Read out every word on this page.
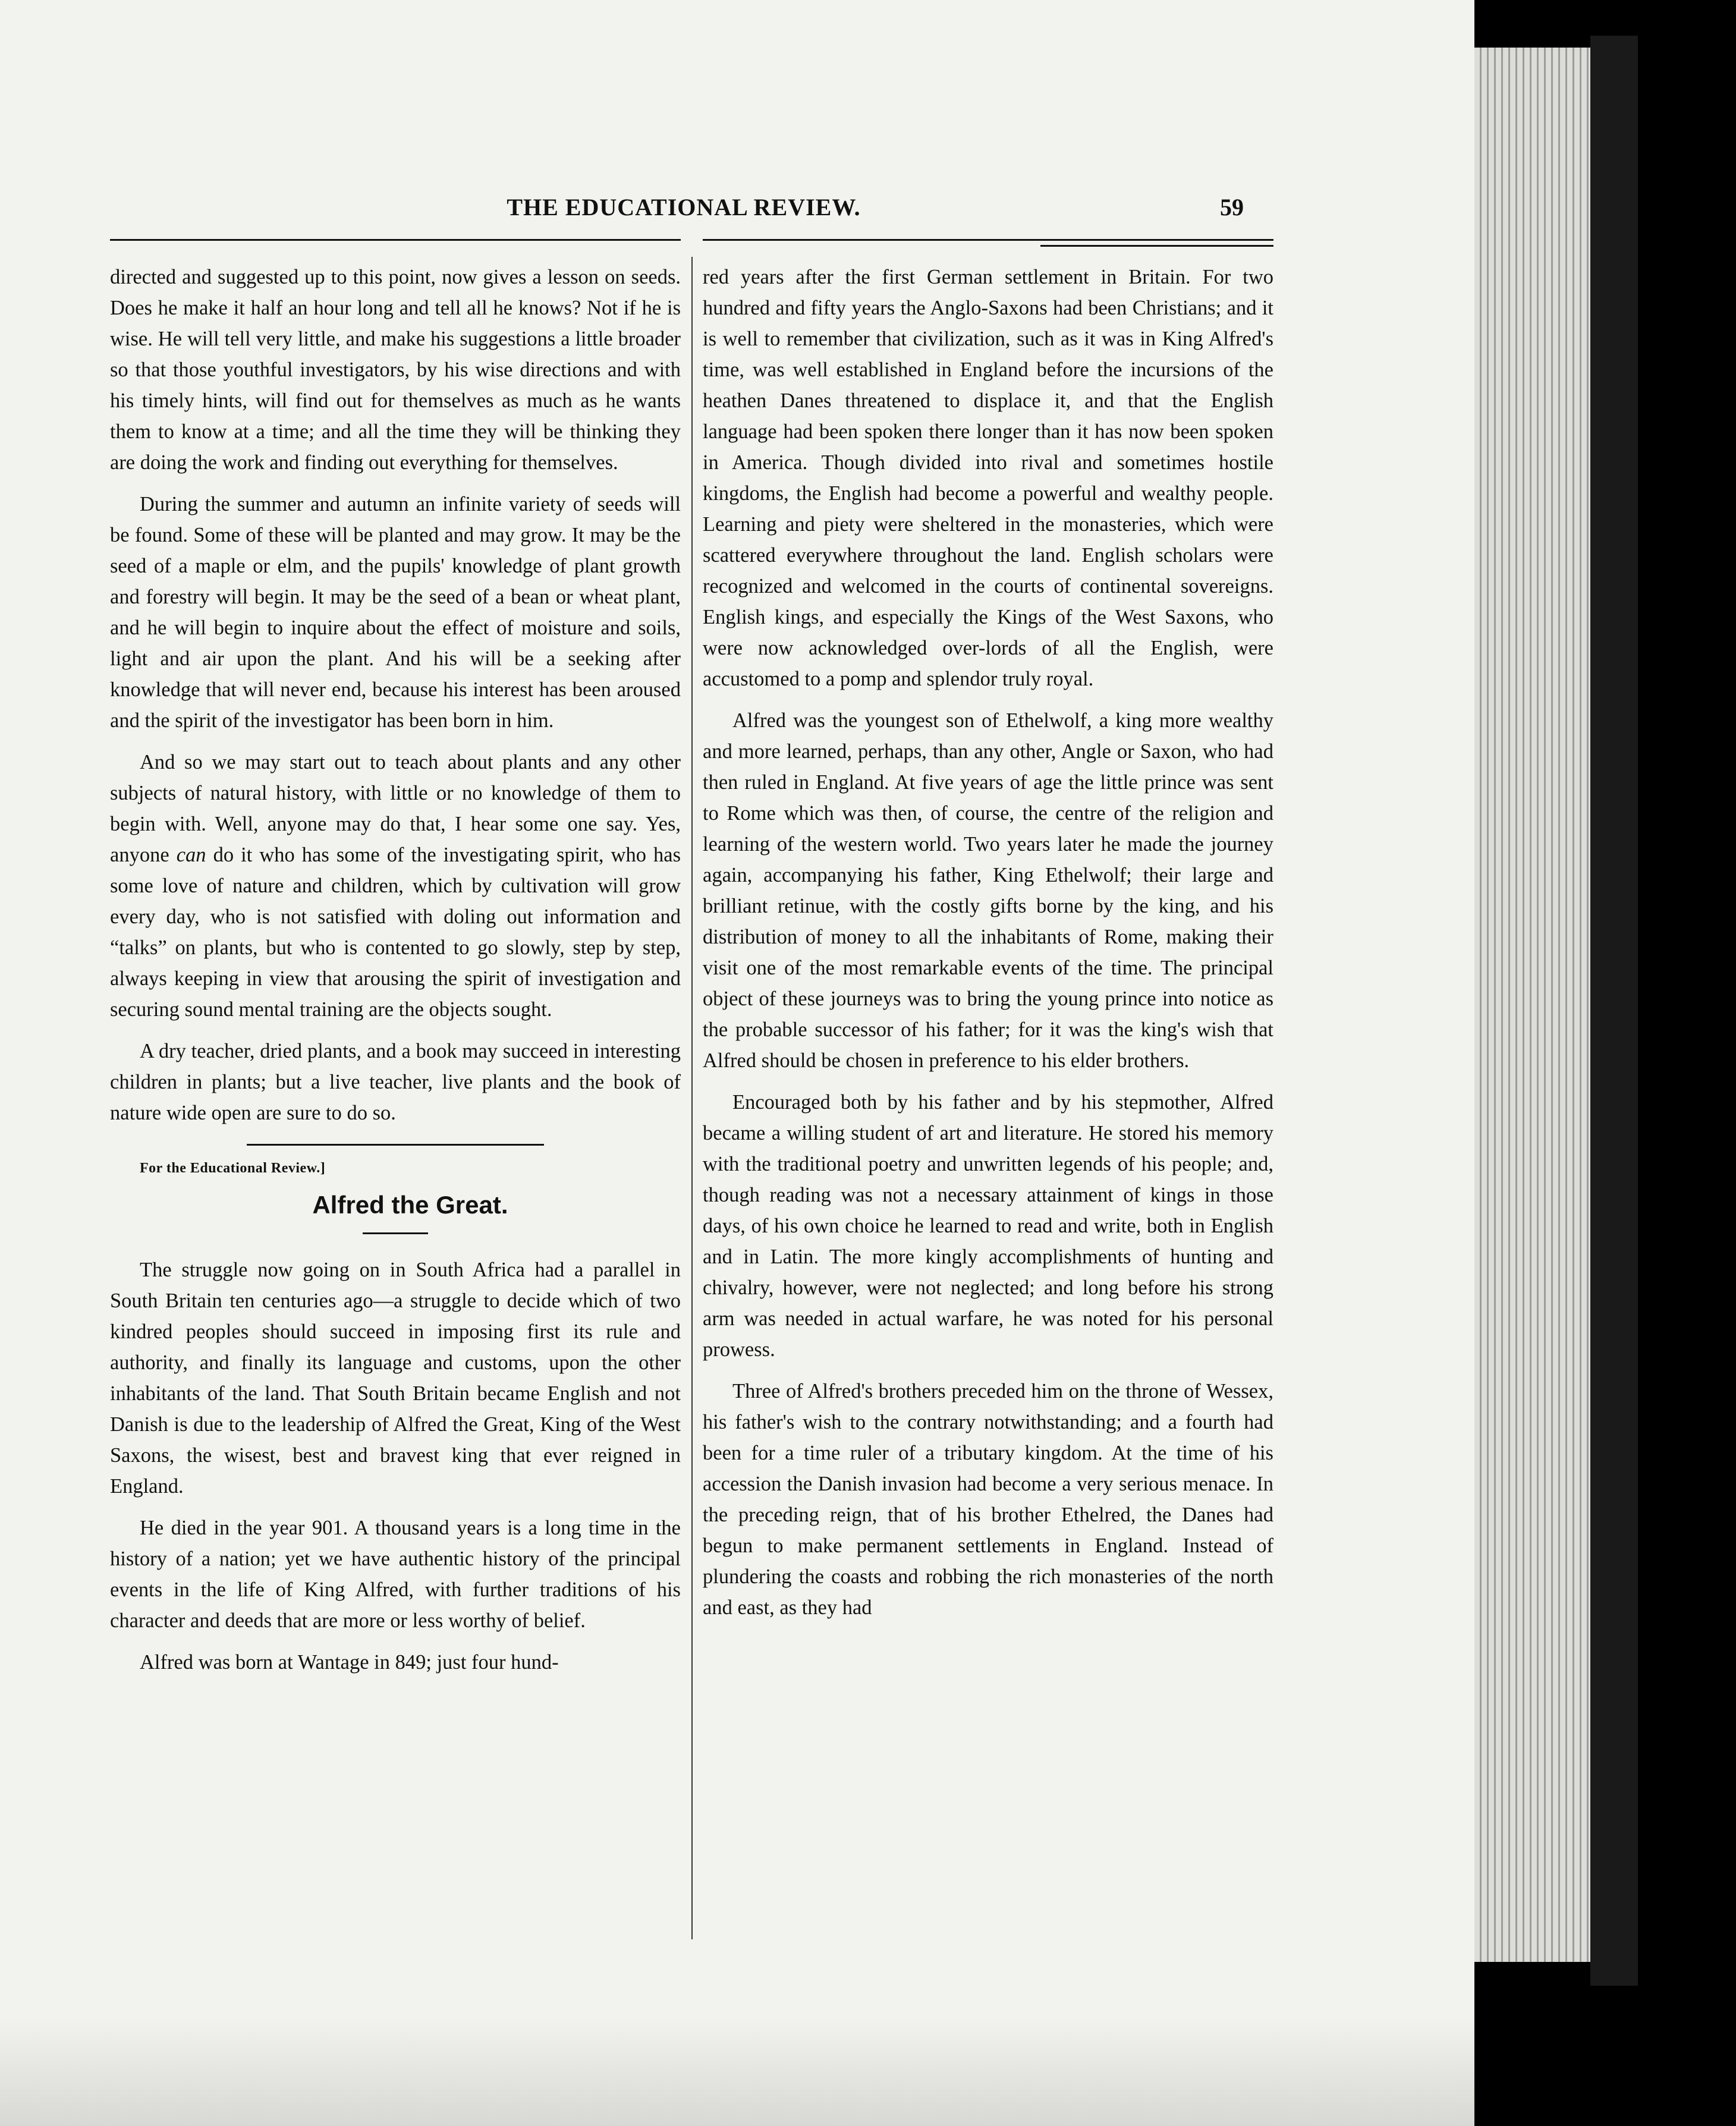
THE EDUCATIONAL REVIEW.	59

directed and suggested up to this point, now gives a lesson on seeds. Does he make it half an hour long and tell all he knows? Not if he is wise. He will tell very little, and make his suggestions a little broader so that those youthful investigators, by his wise directions and with his timely hints, will find out for themselves as much as he wants them to know at a time; and all the time they will be thinking they are doing the work and finding out everything for themselves.

During the summer and autumn an infinite variety of seeds will be found. Some of these will be planted and may grow. It may be the seed of a maple or elm, and the pupils' knowledge of plant growth and forestry will begin. It may be the seed of a bean or wheat plant, and he will begin to inquire about the effect of moisture and soils, light and air upon the plant. And his will be a seeking after knowledge that will never end, because his interest has been aroused and the spirit of the investigator has been born in him.

And so we may start out to teach about plants and any other subjects of natural history, with little or no knowledge of them to begin with. Well, anyone may do that, I hear some one say. Yes, anyone can do it who has some of the investigating spirit, who has some love of nature and children, which by cultivation will grow every day, who is not satisfied with doling out information and “talks” on plants, but who is contented to go slowly, step by step, always keeping in view that arousing the spirit of investigation and securing sound mental training are the objects sought.

A dry teacher, dried plants, and a book may succeed in interesting children in plants; but a live teacher, live plants and the book of nature wide open are sure to do so.

For the Educational Review.]

Alfred the Great.

The struggle now going on in South Africa had a parallel in South Britain ten centuries ago—a struggle to decide which of two kindred peoples should succeed in imposing first its rule and authority, and finally its language and customs, upon the other inhabitants of the land. That South Britain became English and not Danish is due to the leadership of Alfred the Great, King of the West Saxons, the wisest, best and bravest king that ever reigned in England.

He died in the year 901. A thousand years is a long time in the history of a nation; yet we have authentic history of the principal events in the life of King Alfred, with further traditions of his character and deeds that are more or less worthy of belief.

Alfred was born at Wantage in 849; just four hund-

red years after the first German settlement in Britain. For two hundred and fifty years the Anglo-Saxons had been Christians; and it is well to remember that civilization, such as it was in King Alfred's time, was well established in England before the incursions of the heathen Danes threatened to displace it, and that the English language had been spoken there longer than it has now been spoken in America. Though divided into rival and sometimes hostile kingdoms, the English had become a powerful and wealthy people. Learning and piety were sheltered in the monasteries, which were scattered everywhere throughout the land. English scholars were recognized and welcomed in the courts of continental sovereigns. English kings, and especially the Kings of the West Saxons, who were now acknowledged over-lords of all the English, were accustomed to a pomp and splendor truly royal.

Alfred was the youngest son of Ethelwolf, a king more wealthy and more learned, perhaps, than any other, Angle or Saxon, who had then ruled in England. At five years of age the little prince was sent to Rome which was then, of course, the centre of the religion and learning of the western world. Two years later he made the journey again, accompanying his father, King Ethelwolf; their large and brilliant retinue, with the costly gifts borne by the king, and his distribution of money to all the inhabitants of Rome, making their visit one of the most remarkable events of the time. The principal object of these journeys was to bring the young prince into notice as the probable successor of his father; for it was the king's wish that Alfred should be chosen in preference to his elder brothers.

Encouraged both by his father and by his stepmother, Alfred became a willing student of art and literature. He stored his memory with the traditional poetry and unwritten legends of his people; and, though reading was not a necessary attainment of kings in those days, of his own choice he learned to read and write, both in English and in Latin. The more kingly accomplishments of hunting and chivalry, however, were not neglected; and long before his strong arm was needed in actual warfare, he was noted for his personal prowess.

Three of Alfred's brothers preceded him on the throne of Wessex, his father's wish to the contrary notwithstanding; and a fourth had been for a time ruler of a tributary kingdom. At the time of his accession the Danish invasion had become a very serious menace. In the preceding reign, that of his brother Ethelred, the Danes had begun to make permanent settlements in England. Instead of plundering the coasts and robbing the rich monasteries of the north and east, as they had
